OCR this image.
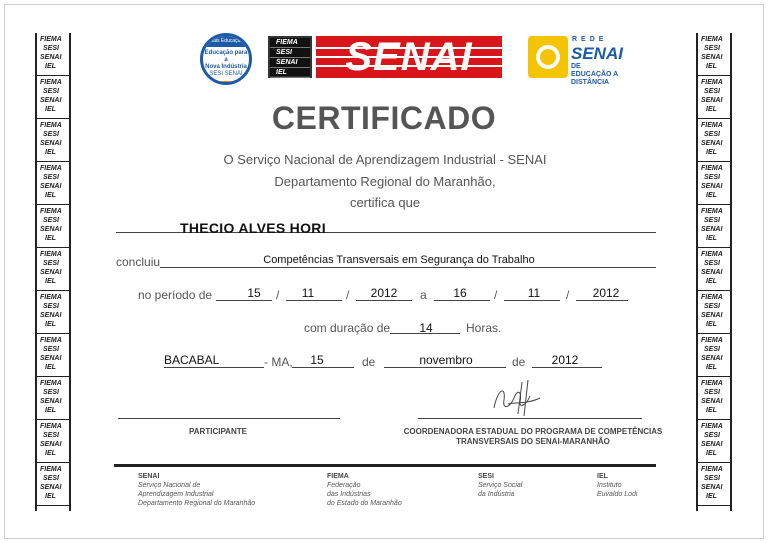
FIEMA
SESI
SENAI
IEL
FIEMA
SESI
SENAI
IEL
FIEMA
SESI
SENAI
IEL
FIEMA
SESI
SENAI
IEL
FIEMA
SESI
SENAI
IEL
FIEMA
SESI
SENAI
IEL
FIEMA
SESI
SENAI
IEL
FIEMA
SESI
SENAI
IEL
FIEMA
SESI
SENAI
IEL
FIEMA
SESI
SENAI
IEL
FIEMA
SESI
SENAI
IEL
FIEMA
SESI
SENAI
IEL
FIEMA
SESI
SENAI
IEL
FIEMA
SESI
SENAI
IEL
FIEMA
SESI
SENAI
IEL
FIEMA
SESI
SENAI
IEL
FIEMA
SESI
SENAI
IEL
FIEMA
SESI
SENAI
IEL
FIEMA
SESI
SENAI
IEL
FIEMA
SESI
SENAI
IEL
FIEMA
SESI
SENAI
IEL
FIEMA
SESI
SENAI
IEL
Mais Educação
Educação para a
Nova Indústria
SESI SENAI
FIEMA
SESI
SENAI
IEL	SENAI	REDE
SENAI
DE EDUCAÇÃO A DISTÂNCIA
CERTIFICADO
O Serviço Nacional de Aprendizagem Industrial - SENAI
Departamento Regional do Maranhão,
certifica que
THECIO ALVES HORI
concluiu	Competências Transversais em Segurança do Trabalho
no período de	15	/	11	/	2012	a	16	/	11	/	2012
com duração de	14	Horas.
BACABAL	- MA,	15	de	novembro	de	2012
PARTICIPANTE	COORDENADORA ESTADUAL DO PROGRAMA DE COMPETÊNCIAS
TRANSVERSAIS DO SENAI-MARANHÃO
SENAI
Serviço Nacional de
Aprendizagem Industrial
Departamento Regional do Maranhão
FIEMA
Federação
das Indústrias
do Estado do Maranhão
SESI
Serviço Social
da Indústria
IEL
Instituto
Euvaldo Lodi
